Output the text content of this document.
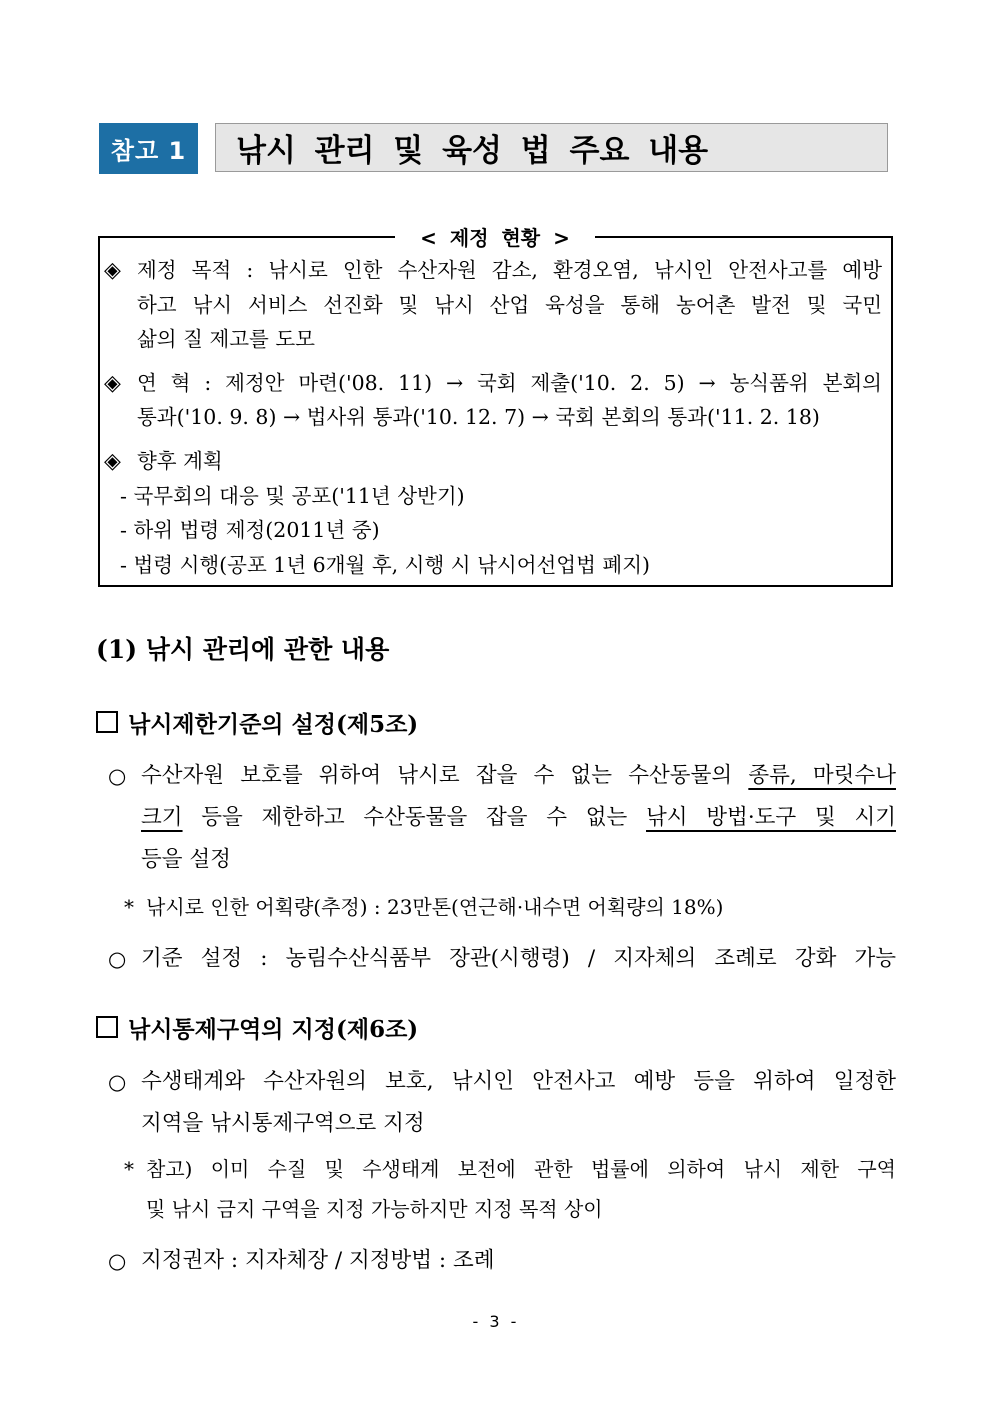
참고 1	낚시 관리 및 육성 법 주요 내용
< 제정 현황 >
◈ 제정 목적 : 낚시로 인한 수산자원 감소, 환경오염, 낚시인 안전사고를 예방
하고 낚시 서비스 선진화 및 낚시 산업 육성을 통해 농어촌 발전 및 국민
삶의 질 제고를 도모
◈ 연 혁 : 제정안 마련('08. 11) → 국회 제출('10. 2. 5) → 농식품위 본회의
통과('10. 9. 8) → 법사위 통과('10. 12. 7) → 국회 본회의 통과('11. 2. 18)
◈ 향후 계획
- 국무회의 대응 및 공포('11년 상반기)
- 하위 법령 제정(2011년 중)
- 법령 시행(공포 1년 6개월 후, 시행 시 낚시어선업법 폐지)
(1) 낚시 관리에 관한 내용
낚시제한기준의 설정(제5조)
○ 수산자원 보호를 위하여 낚시로 잡을 수 없는 수산동물의 종류, 마릿수나
크기 등을 제한하고 수산동물을 잡을 수 없는 낚시 방법·도구 및 시기
등을 설정
* 낚시로 인한 어획량(추정) : 23만톤(연근해·내수면 어획량의 18%)
○ 기준 설정 : 농림수산식품부 장관(시행령) / 지자체의 조례로 강화 가능
낚시통제구역의 지정(제6조)
○ 수생태계와 수산자원의 보호, 낚시인 안전사고 예방 등을 위하여 일정한
지역을 낚시통제구역으로 지정
* 참고) 이미 수질 및 수생태계 보전에 관한 법률에 의하여 낚시 제한 구역
및 낚시 금지 구역을 지정 가능하지만 지정 목적 상이
○ 지정권자 : 지자체장 / 지정방법 : 조례
- 3 -
